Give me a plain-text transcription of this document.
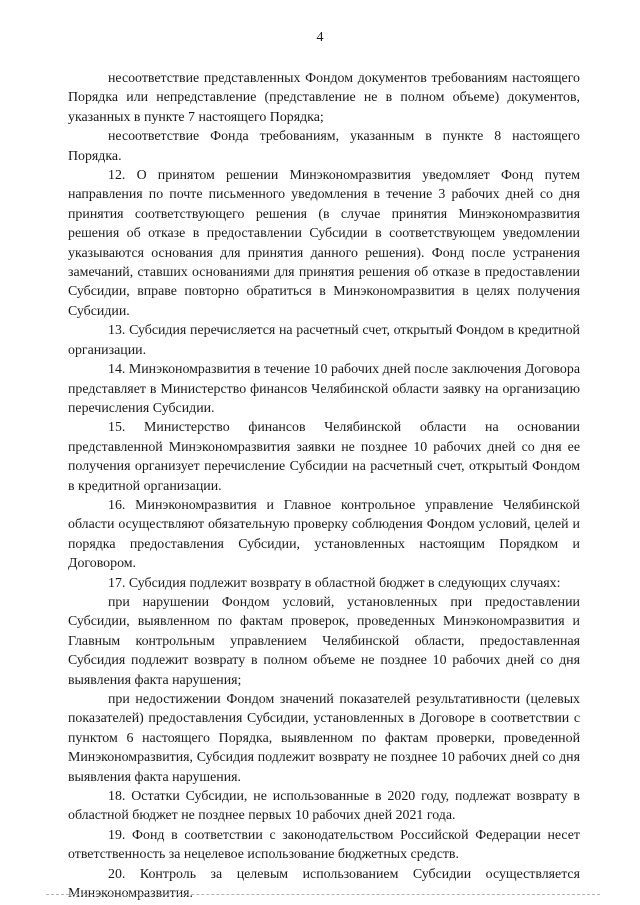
4

несоответствие представленных Фондом документов требованиям настоящего Порядка или непредставление (представление не в полном объеме) документов, указанных в пункте 7 настоящего Порядка;

несоответствие Фонда требованиям, указанным в пункте 8 настоящего Порядка.

12. О принятом решении Минэкономразвития уведомляет Фонд путем направления по почте письменного уведомления в течение 3 рабочих дней со дня принятия соответствующего решения (в случае принятия Минэкономразвития решения об отказе в предоставлении Субсидии в соответствующем уведомлении указываются основания для принятия данного решения). Фонд после устранения замечаний, ставших основаниями для принятия решения об отказе в предоставлении Субсидии, вправе повторно обратиться в Минэкономразвития в целях получения Субсидии.

13. Субсидия перечисляется на расчетный счет, открытый Фондом в кредитной организации.

14. Минэкономразвития в течение 10 рабочих дней после заключения Договора представляет в Министерство финансов Челябинской области заявку на организацию перечисления Субсидии.

15. Министерство финансов Челябинской области на основании представленной Минэкономразвития заявки не позднее 10 рабочих дней со дня ее получения организует перечисление Субсидии на расчетный счет, открытый Фондом в кредитной организации.

16. Минэкономразвития и Главное контрольное управление Челябинской области осуществляют обязательную проверку соблюдения Фондом условий, целей и порядка предоставления Субсидии, установленных настоящим Порядком и Договором.

17. Субсидия подлежит возврату в областной бюджет в следующих случаях:

при нарушении Фондом условий, установленных при предоставлении Субсидии, выявленном по фактам проверок, проведенных Минэкономразвития и Главным контрольным управлением Челябинской области, предоставленная Субсидия подлежит возврату в полном объеме не позднее 10 рабочих дней со дня выявления факта нарушения;

при недостижении Фондом значений показателей результативности (целевых показателей) предоставления Субсидии, установленных в Договоре в соответствии с пунктом 6 настоящего Порядка, выявленном по фактам проверки, проведенной Минэкономразвития, Субсидия подлежит возврату не позднее 10 рабочих дней со дня выявления факта нарушения.

18. Остатки Субсидии, не использованные в 2020 году, подлежат возврату в областной бюджет не позднее первых 10 рабочих дней 2021 года.

19. Фонд в соответствии с законодательством Российской Федерации несет ответственность за нецелевое использование бюджетных средств.

20. Контроль за целевым использованием Субсидии осуществляется Минэкономразвития.
